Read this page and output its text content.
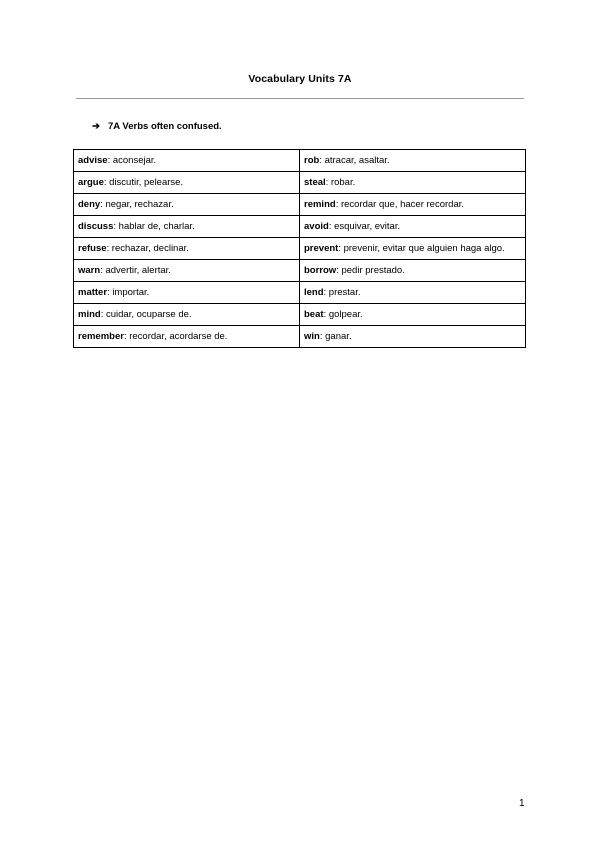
Vocabulary Units 7A
➔ 7A Verbs often confused.
advise: aconsejar.	rob: atracar, asaltar.
argue: discutir, pelearse.	steal: robar.
deny: negar, rechazar.	remind: recordar que, hacer recordar.
discuss: hablar de, charlar.	avoid: esquivar, evitar.
refuse: rechazar, declinar.	prevent: prevenir, evitar que alguien haga algo.
warn: advertir, alertar.	borrow: pedir prestado.
matter: importar.	lend: prestar.
mind: cuidar, ocuparse de.	beat: golpear.
remember: recordar, acordarse de.	win: ganar.
1
